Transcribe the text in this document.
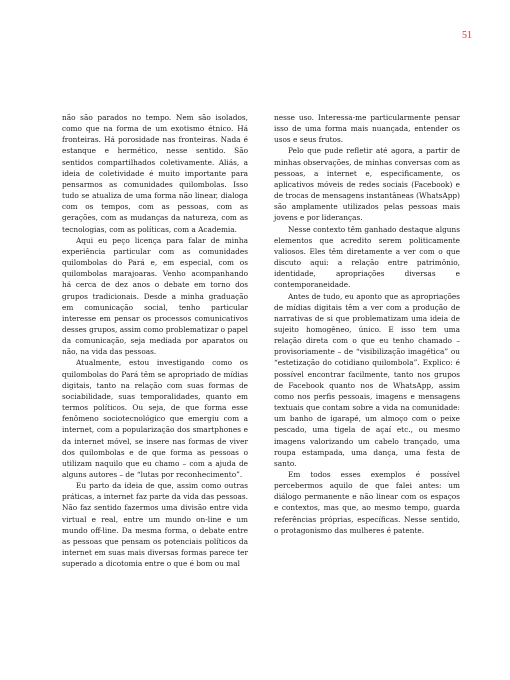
51

não são parados no tempo. Nem são isolados, como que na forma de um exotismo étnico. Há fronteiras. Há porosidade nas fronteiras. Nada é estanque e hermético, nesse sentido. São sentidos compartilhados coletivamente. Aliás, a ideia de coletividade é muito importante para pensarmos as comunidades quilombolas. Isso tudo se atualiza de uma forma não linear, dialoga com os tempos, com as pessoas, com as gerações, com as mudanças da natureza, com as tecnologias, com as políticas, com a Academia.

Aqui eu peço licença para falar de minha experiência particular com as comunidades quilombolas do Pará e, em especial, com os quilombolas marajoaras. Venho acompanhando há cerca de dez anos o debate em torno dos grupos tradicionais. Desde a minha graduação em comunicação social, tenho particular interesse em pensar os processos comunicativos desses grupos, assim como problematizar o papel da comunicação, seja mediada por aparatos ou não, na vida das pessoas.

Atualmente, estou investigando como os quilombolas do Pará têm se apropriado de mídias digitais, tanto na relação com suas formas de sociabilidade, suas temporalidades, quanto em termos políticos. Ou seja, de que forma esse fenômeno sociotecnológico que emergiu com a internet, com a popularização dos smartphones e da internet móvel, se insere nas formas de viver dos quilombolas e de que forma as pessoas o utilizam naquilo que eu chamo – com a ajuda de alguns autores – de “lutas por reconhecimento”.

Eu parto da ideia de que, assim como outras práticas, a internet faz parte da vida das pessoas. Não faz sentido fazermos uma divisão entre vida virtual e real, entre um mundo on-line e um mundo off-line. Da mesma forma, o debate entre as pessoas que pensam os potenciais políticos da internet em suas mais diversas formas parece ter superado a dicotomia entre o que é bom ou mal

nesse uso. Interessa-me particularmente pensar isso de uma forma mais nuançada, entender os usos e seus frutos.

Pelo que pude refletir até agora, a partir de minhas observações, de minhas conversas com as pessoas, a internet e, especificamente, os aplicativos móveis de redes sociais (Facebook) e de trocas de mensagens instantâneas (WhatsApp) são amplamente utilizados pelas pessoas mais jovens e por lideranças.

Nesse contexto têm ganhado destaque alguns elementos que acredito serem politicamente valiosos. Eles têm diretamente a ver com o que discuto aqui: a relação entre patrimônio, identidade, apropriações diversas e contemporaneidade.

Antes de tudo, eu aponto que as apropriações de mídias digitais têm a ver com a produção de narrativas de si que problematizam uma ideia de sujeito homogêneo, único. E isso tem uma relação direta com o que eu tenho chamado – provisoriamente – de “visibilização imagética” ou “estetização do cotidiano quilombola”. Explico: é possível encontrar facilmente, tanto nos grupos de Facebook quanto nos de WhatsApp, assim como nos perfis pessoais, imagens e mensagens textuais que contam sobre a vida na comunidade: um banho de igarapé, um almoço com o peixe pescado, uma tigela de açaí etc., ou mesmo imagens valorizando um cabelo trançado, uma roupa estampada, uma dança, uma festa de santo.

Em todos esses exemplos é possível percebermos aquilo de que falei antes: um diálogo permanente e não linear com os espaços e contextos, mas que, ao mesmo tempo, guarda referências próprias, específicas. Nesse sentido, o protagonismo das mulheres é patente.
